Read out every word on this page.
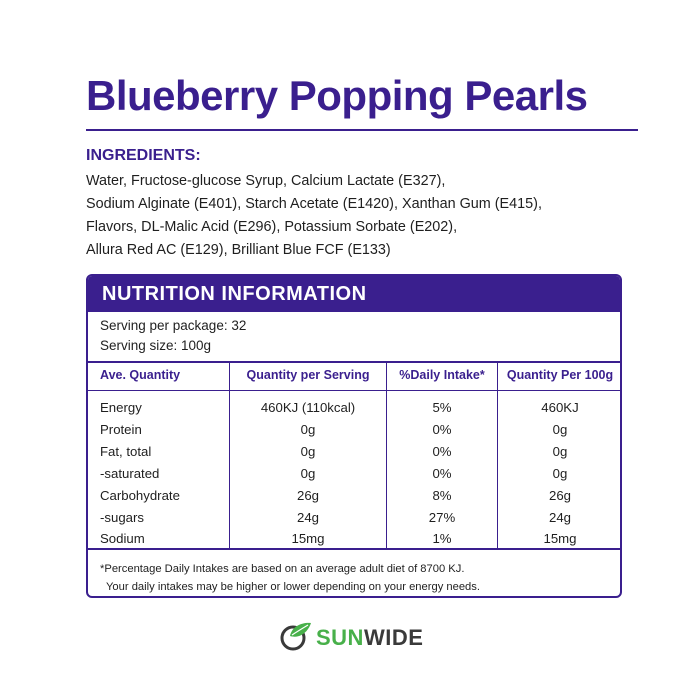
Blueberry Popping Pearls
INGREDIENTS:
Water, Fructose-glucose Syrup, Calcium Lactate (E327),
Sodium Alginate (E401), Starch Acetate (E1420), Xanthan Gum (E415),
Flavors, DL-Malic Acid (E296), Potassium Sorbate (E202),
Allura Red AC (E129), Brilliant Blue FCF (E133)
NUTRITION INFORMATION
Serving per package: 32
Serving size: 100g
Ave. Quantity	Quantity per Serving	%Daily Intake*	Quantity Per 100g
Energy	460KJ (110kcal)	5%	460KJ
Protein	0g	0%	0g
Fat, total	0g	0%	0g
-saturated	0g	0%	0g
Carbohydrate	26g	8%	26g
-sugars	24g	27%	24g
Sodium	15mg	1%	15mg
*Percentage Daily Intakes are based on an average adult diet of 8700 KJ.
Your daily intakes may be higher or lower depending on your energy needs.
SUNWIDE
